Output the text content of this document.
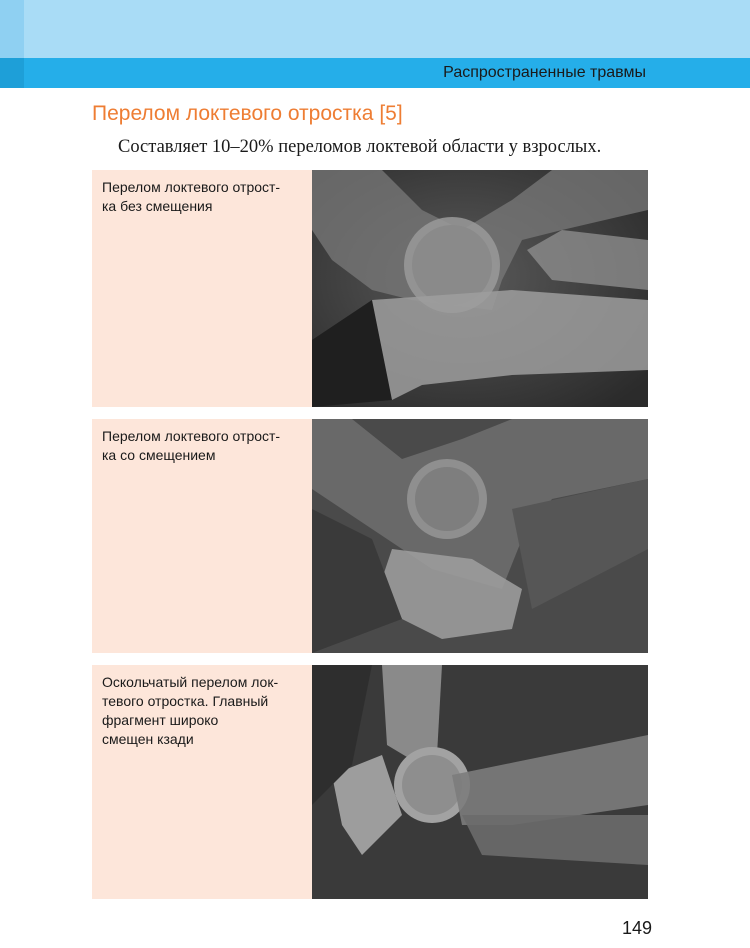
Распространенные травмы
Перелом локтевого отростка [5]
Составляет 10–20% переломов локтевой области у взрослых.
Перелом локтевого отрост-
ка без смещения
Перелом локтевого отрост-
ка со смещением
Оскольчатый перелом лок-
тевого отростка. Главный
фрагмент широко
смещен кзади
149
